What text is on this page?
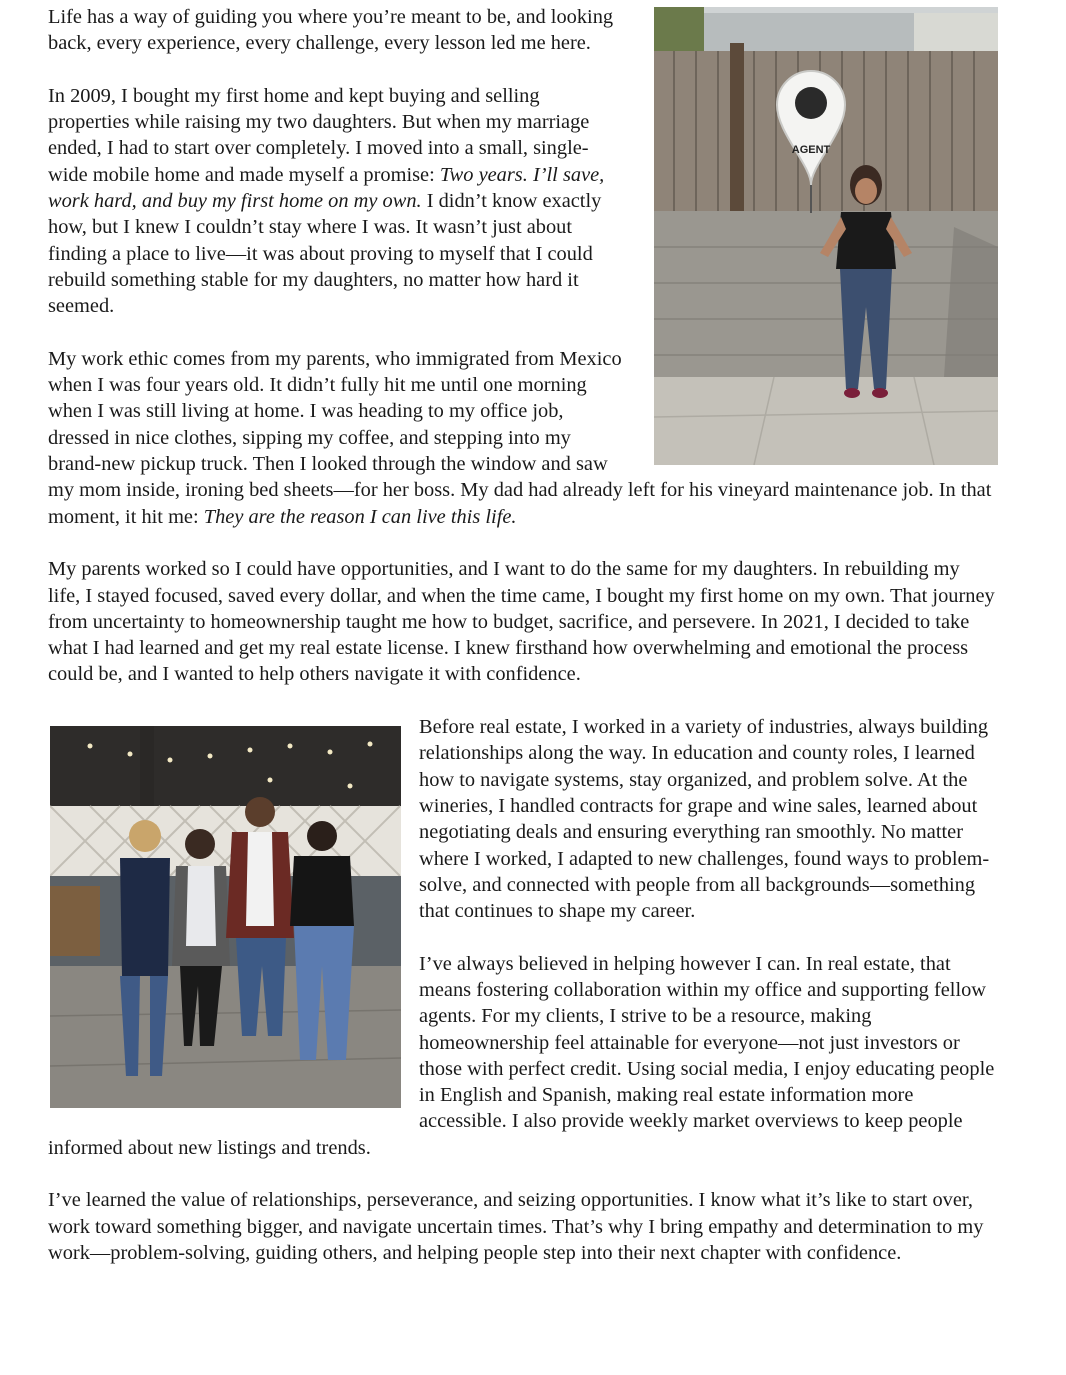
AGENT

Life has a way of guiding you where you’re meant to be, and looking back, every experience, every challenge, every lesson led me here.

In 2009, I bought my first home and kept buying and selling properties while raising my two daughters. But when my marriage ended, I had to start over completely. I moved into a small, single-wide mobile home and made myself a promise: Two years. I’ll save, work hard, and buy my first home on my own. I didn’t know exactly how, but I knew I couldn’t stay where I was. It wasn’t just about finding a place to live—it was about proving to myself that I could rebuild something stable for my daughters, no matter how hard it seemed.

My work ethic comes from my parents, who immigrated from Mexico when I was four years old. It didn’t fully hit me until one morning when I was still living at home. I was heading to my office job, dressed in nice clothes, sipping my coffee, and stepping into my brand-new pickup truck. Then I looked through the window and saw my mom inside, ironing bed sheets—for her boss. My dad had already left for his vineyard maintenance job. In that moment, it hit me: They are the reason I can live this life.

My parents worked so I could have opportunities, and I want to do the same for my daughters. In rebuilding my life, I stayed focused, saved every dollar, and when the time came, I bought my first home on my own. That journey from uncertainty to homeownership taught me how to budget, sacrifice, and persevere. In 2021, I decided to take what I had learned and get my real estate license. I knew firsthand how overwhelming and emotional the process could be, and I wanted to help others navigate it with confidence.

Before real estate, I worked in a variety of industries, always building relationships along the way. In education and county roles, I learned how to navigate systems, stay organized, and problem solve. At the wineries, I handled contracts for grape and wine sales, learned about negotiating deals and ensuring everything ran smoothly. No matter where I worked, I adapted to new challenges, found ways to problem-solve, and connected with people from all backgrounds—something that continues to shape my career.

I’ve always believed in helping however I can. In real estate, that means fostering collaboration within my office and supporting fellow agents. For my clients, I strive to be a resource, making homeownership feel attainable for everyone—not just investors or those with perfect credit. Using social media, I enjoy educating people in English and Spanish, making real estate information more accessible. I also provide weekly market overviews to keep people informed about new listings and trends.

I’ve learned the value of relationships, perseverance, and seizing opportunities. I know what it’s like to start over, work toward something bigger, and navigate uncertain times. That’s why I bring empathy and determination to my work—problem-solving, guiding others, and helping people step into their next chapter with confidence.
